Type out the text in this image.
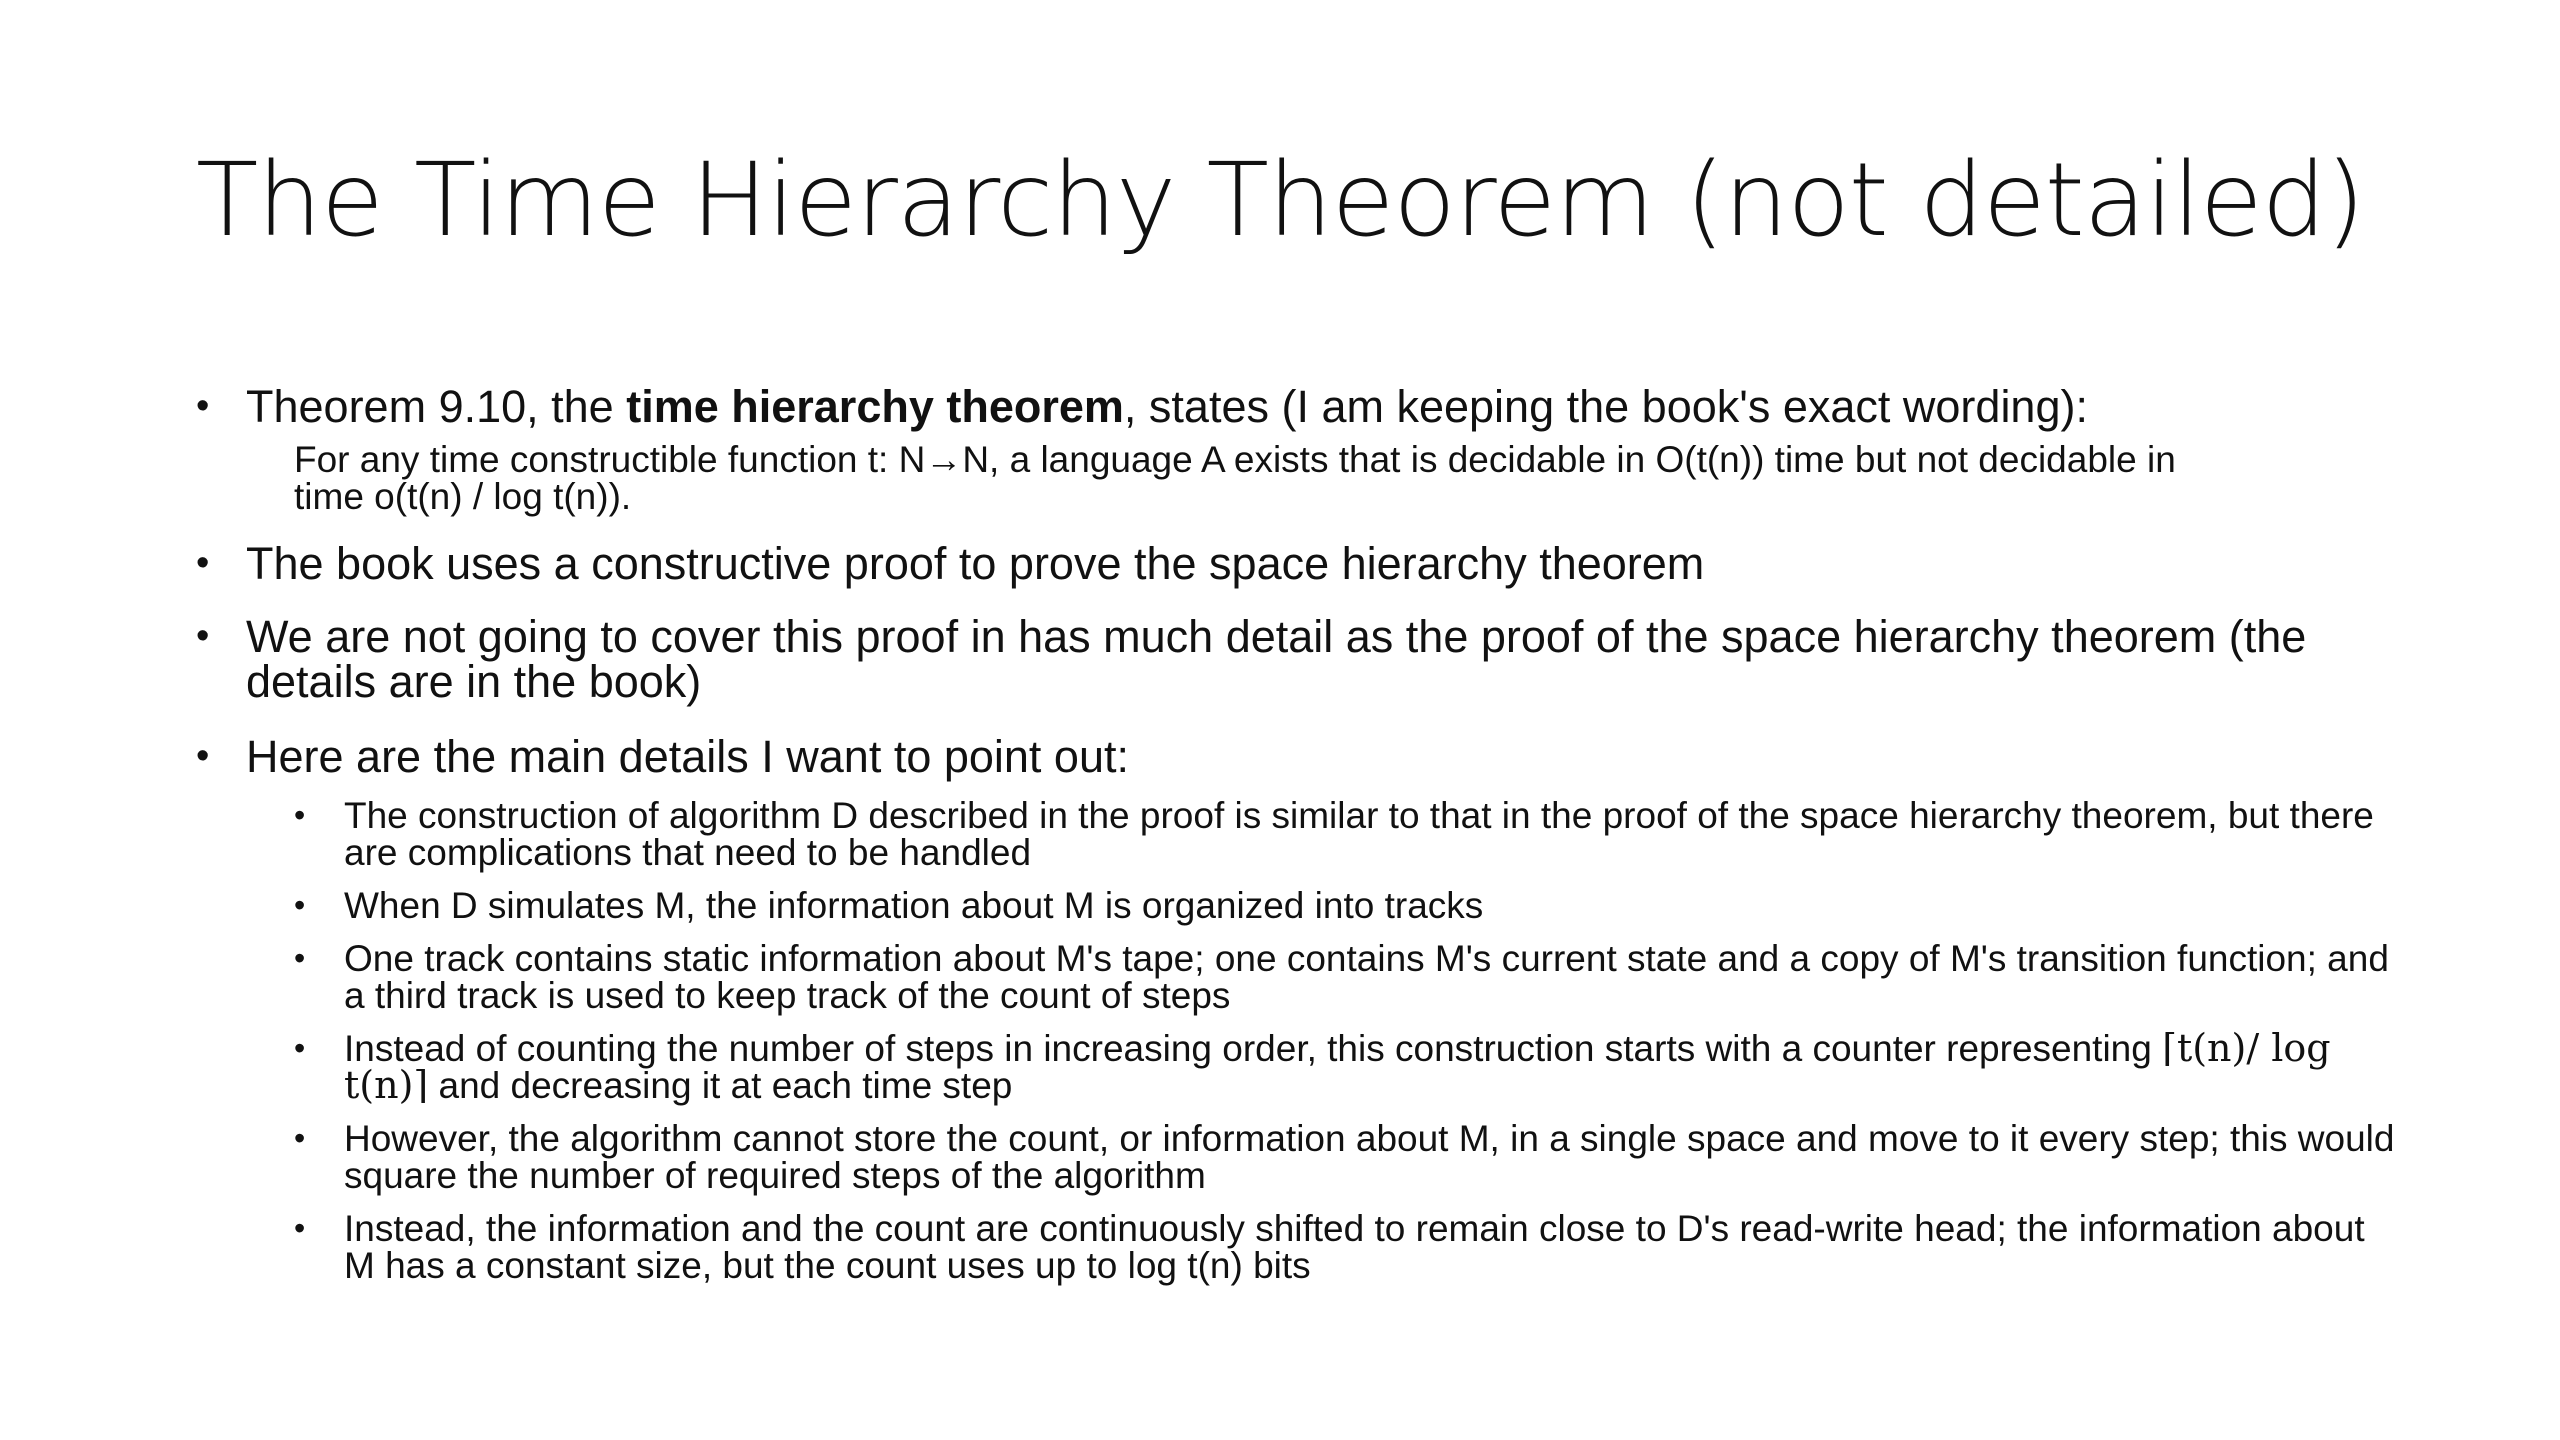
The Time Hierarchy Theorem (not detailed)
• Theorem 9.10, the time hierarchy theorem, states (I am keeping the book's exact wording):
For any time constructible function t: N→N, a language A exists that is decidable in O(t(n)) time but not decidable in time o(t(n) / log t(n)).
• The book uses a constructive proof to prove the space hierarchy theorem
• We are not going to cover this proof in has much detail as the proof of the space hierarchy theorem (the details are in the book)
• Here are the main details I want to point out:
• The construction of algorithm D described in the proof is similar to that in the proof of the space hierarchy theorem, but there are complications that need to be handled
• When D simulates M, the information about M is organized into tracks
• One track contains static information about M's tape; one contains M's current state and a copy of M's transition function; and a third track is used to keep track of the count of steps
• Instead of counting the number of steps in increasing order, this construction starts with a counter representing ⌈t(n)/ log t(n)⌉ and decreasing it at each time step
• However, the algorithm cannot store the count, or information about M, in a single space and move to it every step; this would square the number of required steps of the algorithm
• Instead, the information and the count are continuously shifted to remain close to D's read-write head; the information about M has a constant size, but the count uses up to log t(n) bits
